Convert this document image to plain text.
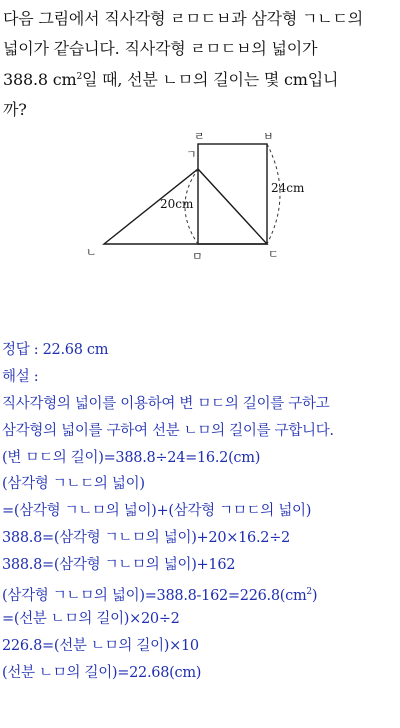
다음 그림에서 직사각형 ㄹㅁㄷㅂ과 삼각형 ㄱㄴㄷ의

넓이가 같습니다. 직사각형 ㄹㅁㄷㅂ의 넓이가

388.8 $cm^2$일 때, 선분 ㄴㅁ의 길이는 몇 cm입니

까?

ㄹ	ㅂ
ㄱ
ㄴ	ㅁ	ㄷ
20cm
24cm

정답 : 22.68 cm

해설 :

직사각형의 넓이를 이용하여 변 ㅁㄷ의 길이를 구하고

삼각형의 넓이를 구하여 선분 ㄴㅁ의 길이를 구합니다.

(변 ㅁㄷ의 길이)=388.8÷24=16.2(cm)

(삼각형 ㄱㄴㄷ의 넓이)

=(삼각형 ㄱㄴㅁ의 넓이)+(삼각형 ㄱㅁㄷ의 넓이)

388.8=(삼각형 ㄱㄴㅁ의 넓이)+20×16.2÷2

388.8=(삼각형 ㄱㄴㅁ의 넓이)+162

(삼각형 ㄱㄴㅁ의 넓이)$=388.8-162=226.8(cm^2)$

=(선분 ㄴㅁ의 길이)×20÷2

226.8=(선분 ㄴㅁ의 길이)×10

(선분 ㄴㅁ의 길이)=22.68(cm)
